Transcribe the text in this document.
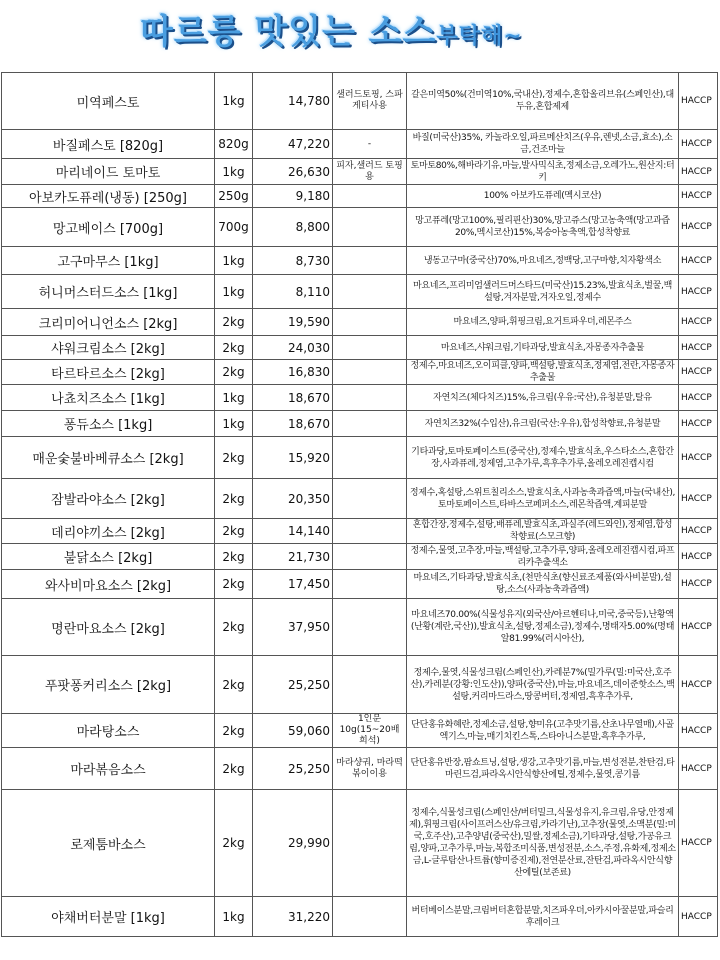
따르릉 맛있는 소스부탁해~
미역페스토	1kg	14,780	샐러드토핑, 스파게티사용	갈은미역50%(건미역10%,국내산),정제수,혼합올리브유(스페인산),대두유,혼합제제	HACCP
바질페스토 [820g]	820g	47,220	-	바질(미국산)35%, 카놀라오일,파르메산치즈(우유,렌넷,소금,효소),소금,건조마늘	HACCP
마리네이드 토마토	1kg	26,630	피자,샐러드 토핑용	토마토80%,해바라기유,마늘,발사믹식초,정제소금,오레가노,원산지:터키	HACCP
아보카도퓨레(냉동) [250g]	250g	9,180		100% 아보카도퓨레(멕시코산)	HACCP
망고베이스 [700g]	700g	8,800		망고퓨레(망고100%,필리핀산)30%,망고쥬스(망고농축액(망고과즙20%,멕시코산)15%,복숭아농축액,합성착향료	HACCP
고구마무스 [1kg]	1kg	8,730		냉동고구마(중국산)70%,마요네즈,정백당,고구마향,치자황색소	HACCP
허니머스터드소스 [1kg]	1kg	8,110		마요네즈,프리미엄샐러드머스타드(미국산)15.23%,발효식초,벌꿀,백설탕,겨자분말,겨자오일,정제수	HACCP
크리미어니언소스 [2kg]	2kg	19,590		마요네즈,양파,휘핑크림,요거트파우더,레몬주스	HACCP
샤워크림소스 [2kg]	2kg	24,030		마요네즈,샤워크림,기타과당,발효식초,자몽종자추출물	HACCP
타르타르소스 [2kg]	2kg	16,830		정제수,마요네즈,오이피클,양파,백설탕,발효식초,정제염,전란,자몽종자추출물	HACCP
나쵸치즈소스 [1kg]	1kg	18,670		자연치즈(체다치즈)15%,유크림(우유:국산),유청분말,탈유	HACCP
퐁듀소스 [1kg]	1kg	18,670		자연치즈32%(수입산),유크림(국산:우유),합성착향료,유청분말	HACCP
매운숯불바베큐소스 [2kg]	2kg	15,920		기타과당,토마토페이스트(중국산),정제수,발효식초,우스타소스,혼합간장,사과퓨레,정제염,고추가루,흑후추가루,올레오레진캡시컴	HACCP
잠발라야소스 [2kg]	2kg	20,350		정제수,혹설탕,스위트칠리소스,발효식초,사과농축과즙액,마늘(국내산),토마토페이스트,타바스코페퍼소스,레몬착즙액,계피분말	HACCP
데리야끼소스 [2kg]	2kg	14,140		혼합간장,정제수,설탕,배퓨레,발효식초,과실주(레드와인),정제염,합성착향료(스모크향)	HACCP
불닭소스 [2kg]	2kg	21,730		정제수,물엿,고추장,마늘,백설탕,고추가루,양파,올레오레진캡시컴,파프리카추출색소	HACCP
와사비마요소스 [2kg]	2kg	17,450		마요네즈,기타과당,발효식초,(천만식초(향신료조제품(와사비분말),설탕,소스(사과농축과즙액)	HACCP
명란마요소스 [2kg]	2kg	37,950		마요네즈70.00%(식물성유지(외국산/아르헨티나,미국,중국등),난황액(난황(계란,국산)),발효식초,설탕,정제소금),정제수,명태자5.00%(명태알81.99%(러시아산),	HACCP
푸팟퐁커리소스 [2kg]	2kg	25,250		정제수,물엿,식물성크림(스페인산),카레분7%(밀가루(밀:미국산,호주산),카레분(강황:인도산)),양파(중국산),마늘,마요네즈,데이준핫소스,백설탕,커리마드라스,땅콩버터,정제염,흑후추가루,	HACCP
마라탕소스	2kg	59,060	1인분 10g(15~20배 희석)	단단홍유화혜란,정제소금,설탕,향미유(고추맛기름,산초나무열매),사골엑기스,마늘,매기치킨스톡,스타아니스분말,흑후추가루,	HACCP
마라볶음소스	2kg	25,250	마라샹궈, 마라떡볶이이용	단단홍유반장,팜쇼트닝,설탕,생강,고추맛기름,마늘,변성전분,찬탄검,타마린드검,파라옥시안식향산에틸,정제수,물엿,콩기름	HACCP
로제툼바소스	2kg	29,990		정제수,식물성크림(스페인산/버터밀크,식물성유지,유크림,유당,안정제제),휘핑크림(사이프러스산/유크림,카라기난),고추장(물엿,소맥분(밀:미국,호주산),고추양념(중국산),밀쌀,정제소금),기타과당,설탕,가공유크림,양파,고추가루,마늘,복합조미식품,변성전분,소스,주정,유화제,정제소금,L-글루탐산나트륨(향미증진제),전연분산료,잔탄검,파라옥시안식향산에틸(보존료)	HACCP
야채버터분말 [1kg]	1kg	31,220		버터베이스분말,크림버터혼합분말,치즈파우더,아카시아꿀분말,파슬리후레이크	HACCP
